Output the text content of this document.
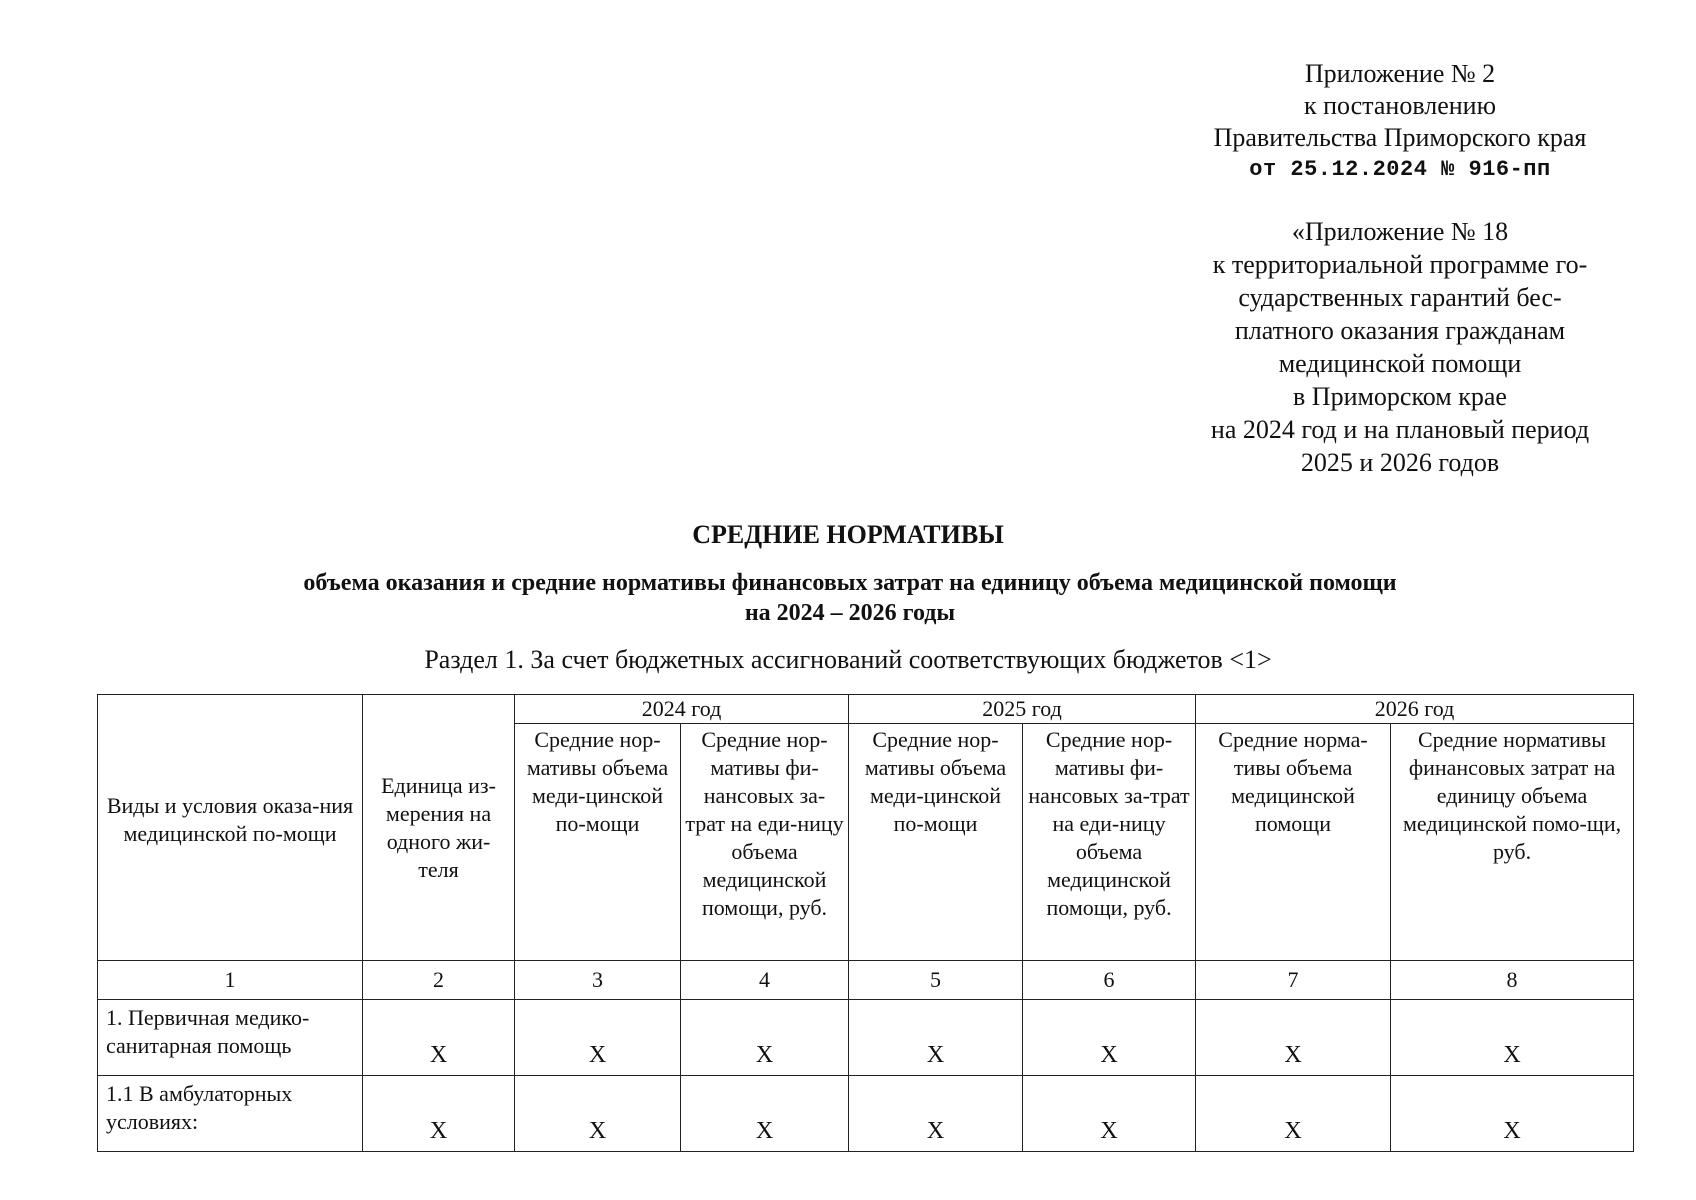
Приложение № 2
к постановлению
Правительства Приморского края
от 25.12.2024 № 916-пп
«Приложение № 18
к территориальной программе го-
сударственных гарантий бес-
платного оказания гражданам
медицинской помощи
в Приморском крае
на 2024 год и на плановый период
2025 и 2026 годов
СРЕДНИЕ НОРМАТИВЫ
объема оказания и средние нормативы финансовых затрат на единицу объема медицинской помощи
на 2024 – 2026 годы
Раздел 1. За счет бюджетных ассигнований соответствующих бюджетов <1>
Виды и условия оказа-ния медицинской по-мощи	Единица из-мерения на одного жи-теля	2024 год		2025 год		2026 год	
		Средние нор-мативы объема меди-цинской по-мощи	Средние нор-мативы фи-нансовых за-трат на еди-ницу объема медицинской помощи, руб.	Средние нор-мативы объема меди-цинской по-мощи	Средние нор-мативы фи-нансовых за-трат на еди-ницу объема медицинской помощи, руб.	Средние норма-тивы объема медицинской помощи	Средние нормативы финансовых затрат на единицу объема медицинской помо-щи, руб.
1	2	3	4	5	6	7	8
1. Первичная медико-санитарная помощь	Х	Х	Х	Х	Х	Х	Х
1.1 В амбулаторных условиях:	Х	Х	Х	Х	Х	Х	Х
